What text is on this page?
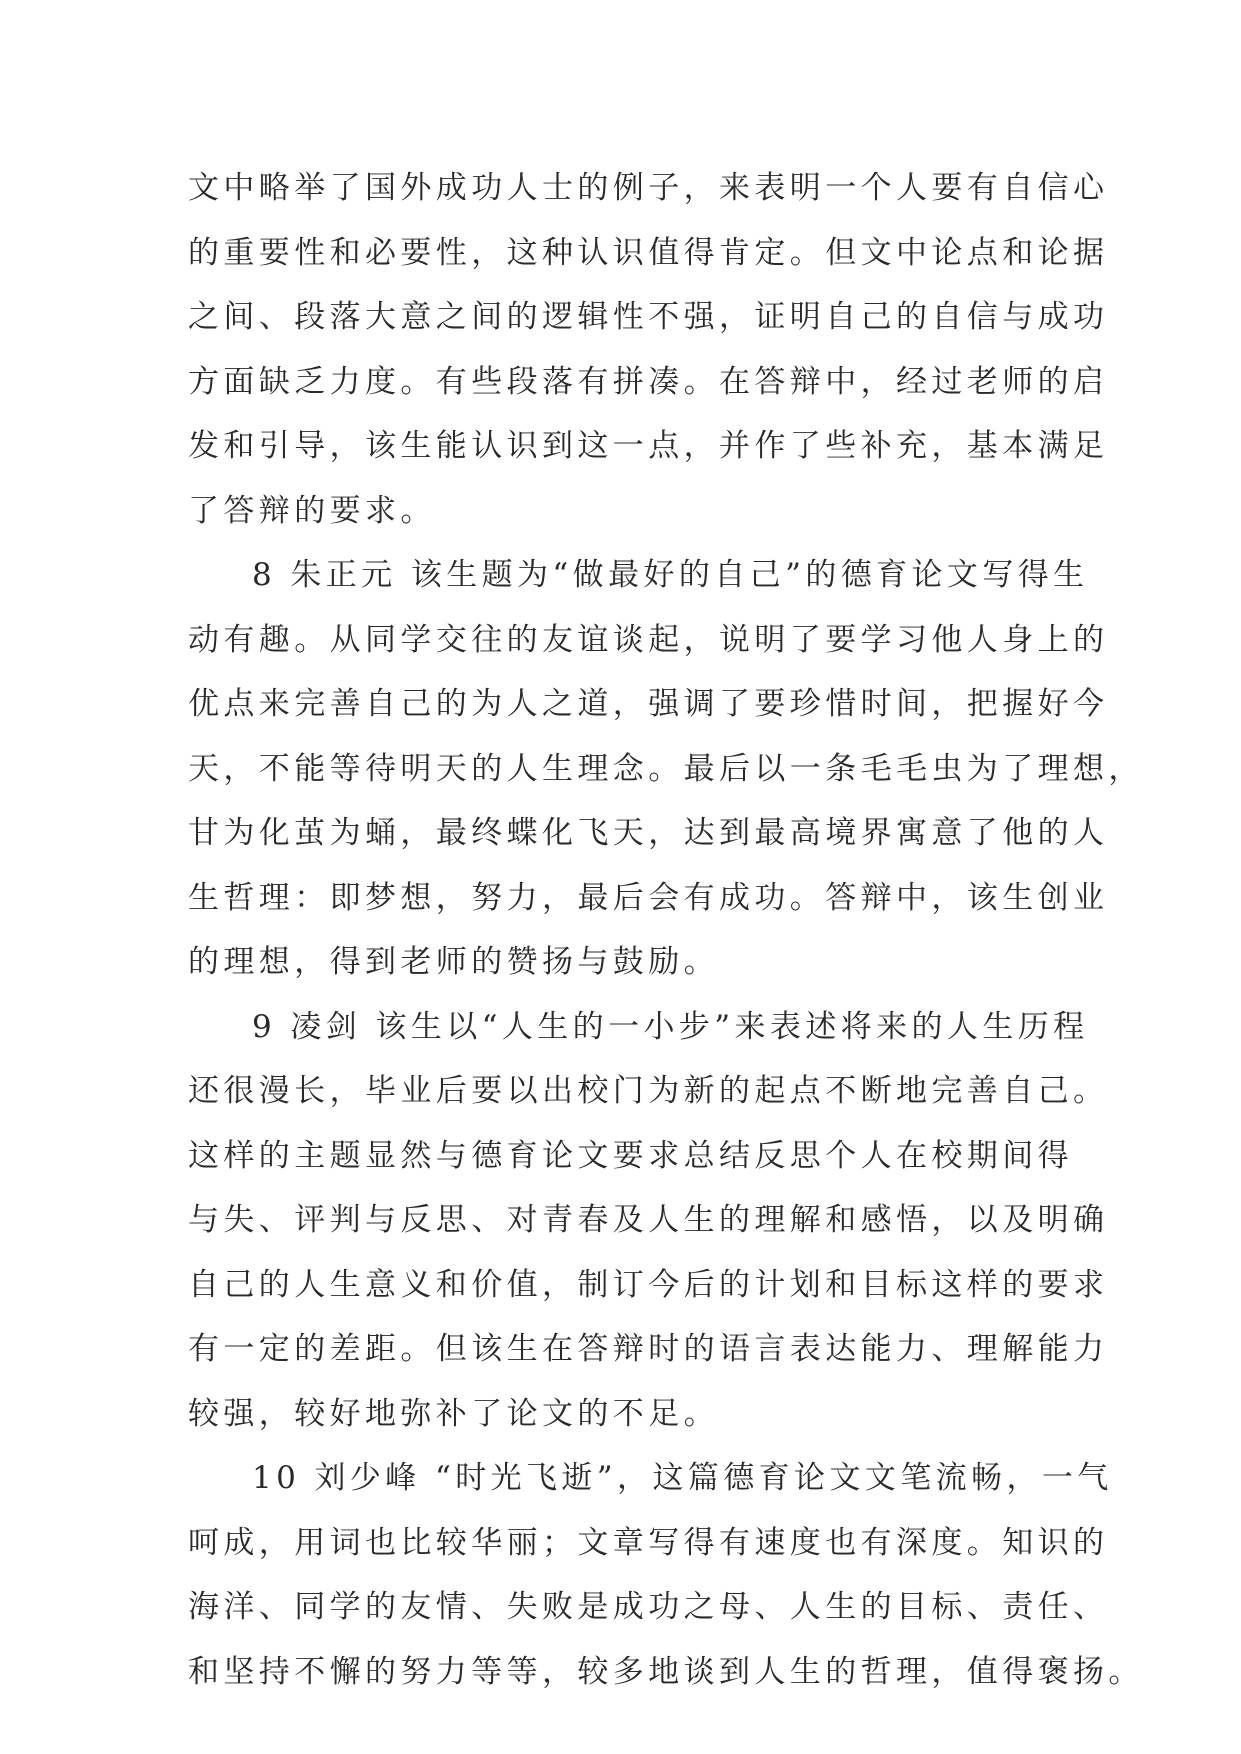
文中略举了国外成功人士的例子，来表明一个人要有自信心
的重要性和必要性，这种认识值得肯定。但文中论点和论据
之间、段落大意之间的逻辑性不强，证明自己的自信与成功
方面缺乏力度。有些段落有拼凑。在答辩中，经过老师的启
发和引导，该生能认识到这一点，并作了些补充，基本满足
了答辩的要求。
8 朱正元 该生题为“做最好的自己”的德育论文写得生
动有趣。从同学交往的友谊谈起，说明了要学习他人身上的
优点来完善自己的为人之道，强调了要珍惜时间，把握好今
天，不能等待明天的人生理念。最后以一条毛毛虫为了理想，
甘为化茧为蛹，最终蝶化飞天，达到最高境界寓意了他的人
生哲理：即梦想，努力，最后会有成功。答辩中，该生创业
的理想，得到老师的赞扬与鼓励。
9 凌剑 该生以“人生的一小步”来表述将来的人生历程
还很漫长，毕业后要以出校门为新的起点不断地完善自己。
这样的主题显然与德育论文要求总结反思个人在校期间得
与失、评判与反思、对青春及人生的理解和感悟，以及明确
自己的人生意义和价值，制订今后的计划和目标这样的要求
有一定的差距。但该生在答辩时的语言表达能力、理解能力
较强，较好地弥补了论文的不足。
10 刘少峰 “时光飞逝”，这篇德育论文文笔流畅，一气
呵成，用词也比较华丽；文章写得有速度也有深度。知识的
海洋、同学的友情、失败是成功之母、人生的目标、责任、
和坚持不懈的努力等等，较多地谈到人生的哲理，值得褒扬。
